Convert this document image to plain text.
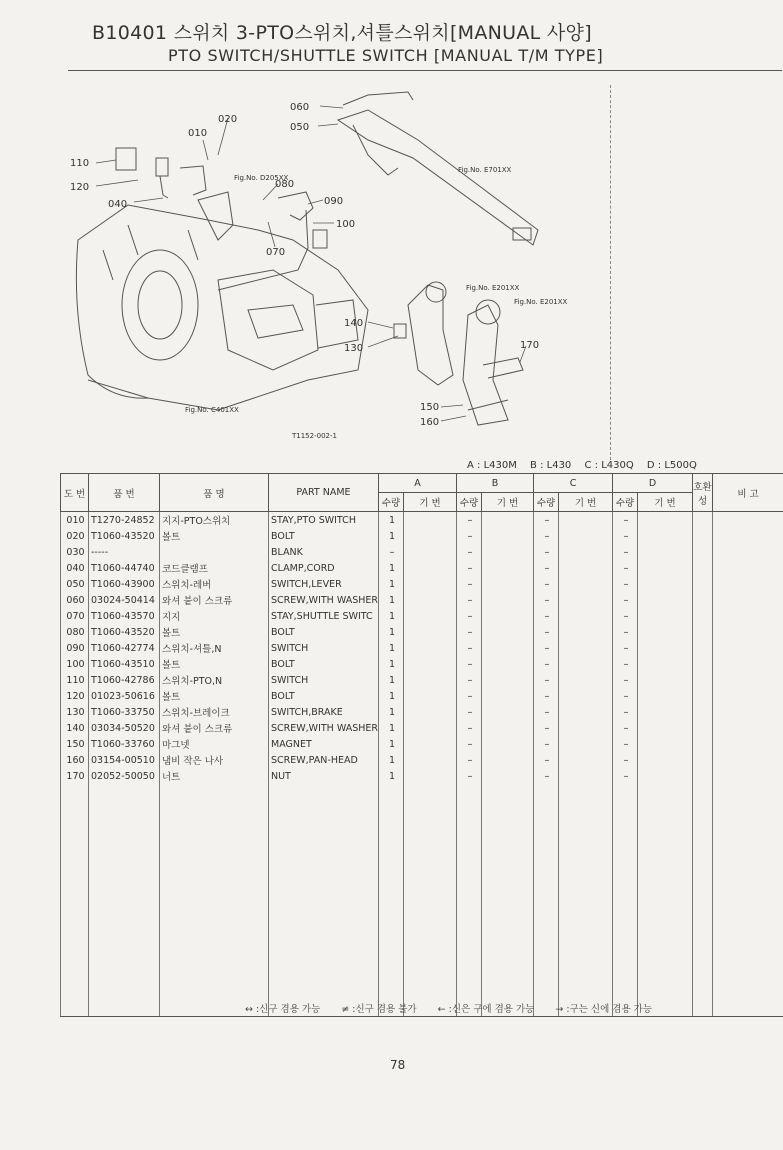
B10401 스위치 3-PTO스위치,셔틀스위치[MANUAL 사양]
PTO SWITCH/SHUTTLE SWITCH [MANUAL T/M TYPE]
060
050
020
010
110
120
040
080
090
100
070
140
130	170
150
160
Fig.No. D205XX
Fig.No. E701XX
Fig.No. E201XX
Fig.No. E201XX
Fig.No. C401XX
T1152-002-1
A : L430M B : L430 C : L430Q D : L500Q
도 번	품 번	품 명	PART NAME	A		B		C		D		호환성	비 고
				수량	기 번	수량	기 번	수량	기 번	수량	기 번		
010	T1270-24852	지지-PTO스위치	STAY,PTO SWITCH	1		–		–		–			
020	T1060-43520	볼트	BOLT	1		–		–		–			
030	-----		BLANK	–		–		–		–			
040	T1060-44740	코드클램프	CLAMP,CORD	1		–		–		–			
050	T1060-43900	스위치-레버	SWITCH,LEVER	1		–		–		–			
060	03024-50414	와셔 붙이 스크류	SCREW,WITH WASHER	1		–		–		–			
070	T1060-43570	지지	STAY,SHUTTLE SWITC	1		–		–		–			
080	T1060-43520	볼트	BOLT	1		–		–		–			
090	T1060-42774	스위치-셔틀,N	SWITCH	1		–		–		–			
100	T1060-43510	볼트	BOLT	1		–		–		–			
110	T1060-42786	스위치-PTO,N	SWITCH	1		–		–		–			
120	01023-50616	볼트	BOLT	1		–		–		–			
130	T1060-33750	스위치-브레이크	SWITCH,BRAKE	1		–		–		–			
140	03034-50520	와셔 붙이 스크류	SCREW,WITH WASHER	1		–		–		–			
150	T1060-33760	마그넷	MAGNET	1		–		–		–			
160	03154-00510	냄비 작은 나사	SCREW,PAN-HEAD	1		–		–		–			
170	02052-50050	너트	NUT	1		–		–		–			

↔ :신구 겸용 가능 ≠ :신구 겸용 불가 ← :신은 구에 겸용 가능 → :구는 신에 겸용 가능
78
